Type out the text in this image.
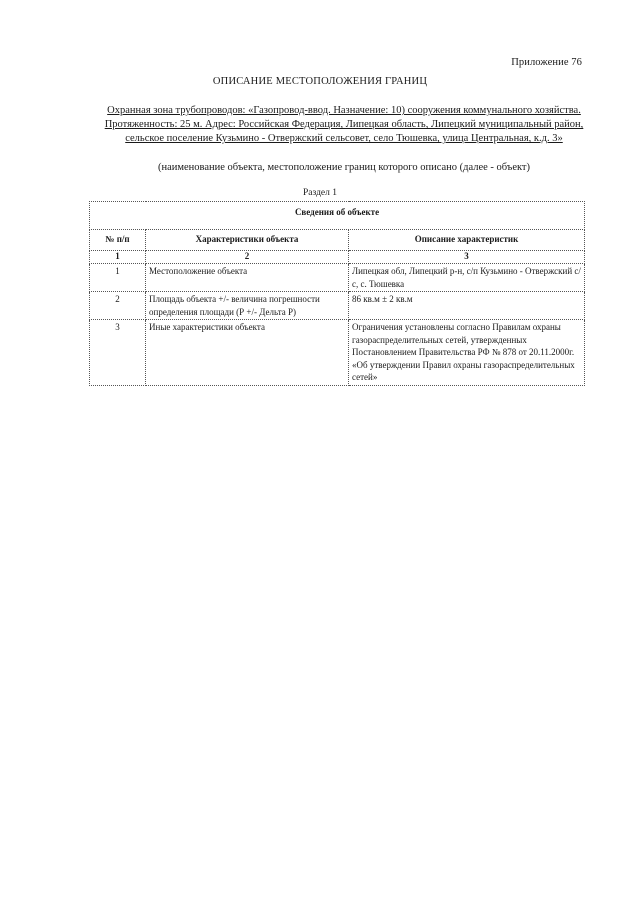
Приложение 76
ОПИСАНИЕ МЕСТОПОЛОЖЕНИЯ ГРАНИЦ
Охранная зона трубопроводов: «Газопровод-ввод. Назначение: 10) сооружения коммунального хозяйства. Протяженность: 25 м. Адрес: Российская Федерация, Липецкая область, Липецкий муниципальный район, сельское поселение Кузьмино - Отвержский сельсовет, село Тюшевка, улица Центральная, к.д. 3»
(наименование объекта, местоположение границ которого описано (далее - объект)
Раздел 1
Сведения об объекте		
№ п/п	Характеристики объекта	Описание характеристик
1	2	3
1	Местоположение объекта	Липецкая обл, Липецкий р-н, с/п Кузьмино - Отвержский с/с, с. Тюшевка
2	Площадь объекта +/- величина погрешности определения площади (Р +/- Дельта Р)	86 кв.м ± 2 кв.м
3	Иные характеристики объекта	Ограничения установлены согласно Правилам охраны газораспределительных сетей, утвержденных Постановлением Правительства РФ № 878 от 20.11.2000г. «Об утверждении Правил охраны газораспределительных сетей»
